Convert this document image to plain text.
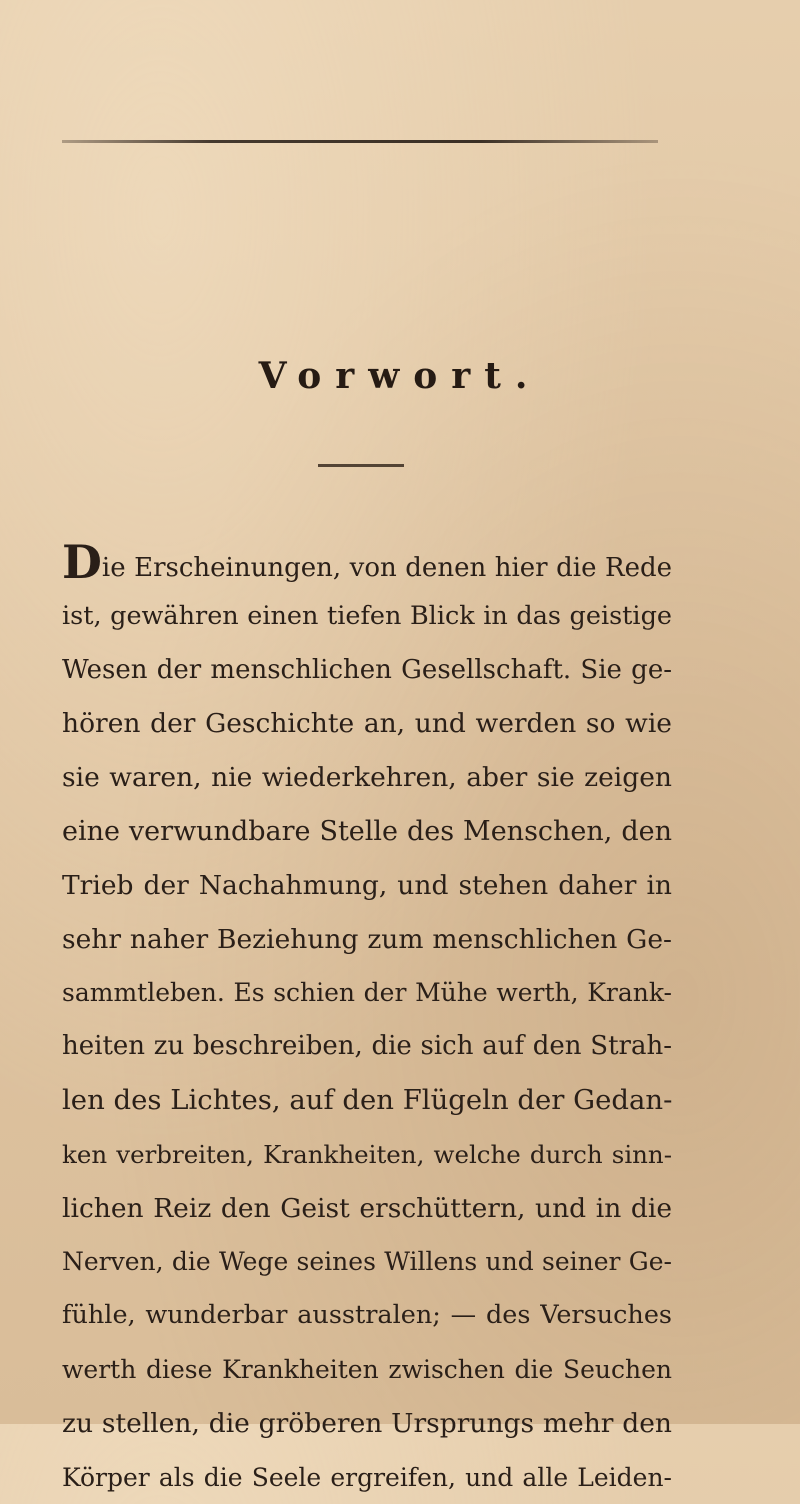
Vorwort.
Die Erscheinungen, von denen hier die Rede
ist, gewähren einen tiefen Blick in das geistige
Wesen der menschlichen Gesellschaft. Sie ge-
hören der Geschichte an, und werden so wie
sie waren, nie wiederkehren, aber sie zeigen
eine verwundbare Stelle des Menschen, den
Trieb der Nachahmung, und stehen daher in
sehr naher Beziehung zum menschlichen Ge-
sammtleben. Es schien der Mühe werth, Krank-
heiten zu beschreiben, die sich auf den Strah-
len des Lichtes, auf den Flügeln der Gedan-
ken verbreiten, Krankheiten, welche durch sinn-
lichen Reiz den Geist erschüttern, und in die
Nerven, die Wege seines Willens und seiner Ge-
fühle, wunderbar ausstralen; — des Versuches
werth diese Krankheiten zwischen die Seuchen
zu stellen, die gröberen Ursprungs mehr den
Körper als die Seele ergreifen, und alle Leiden-
